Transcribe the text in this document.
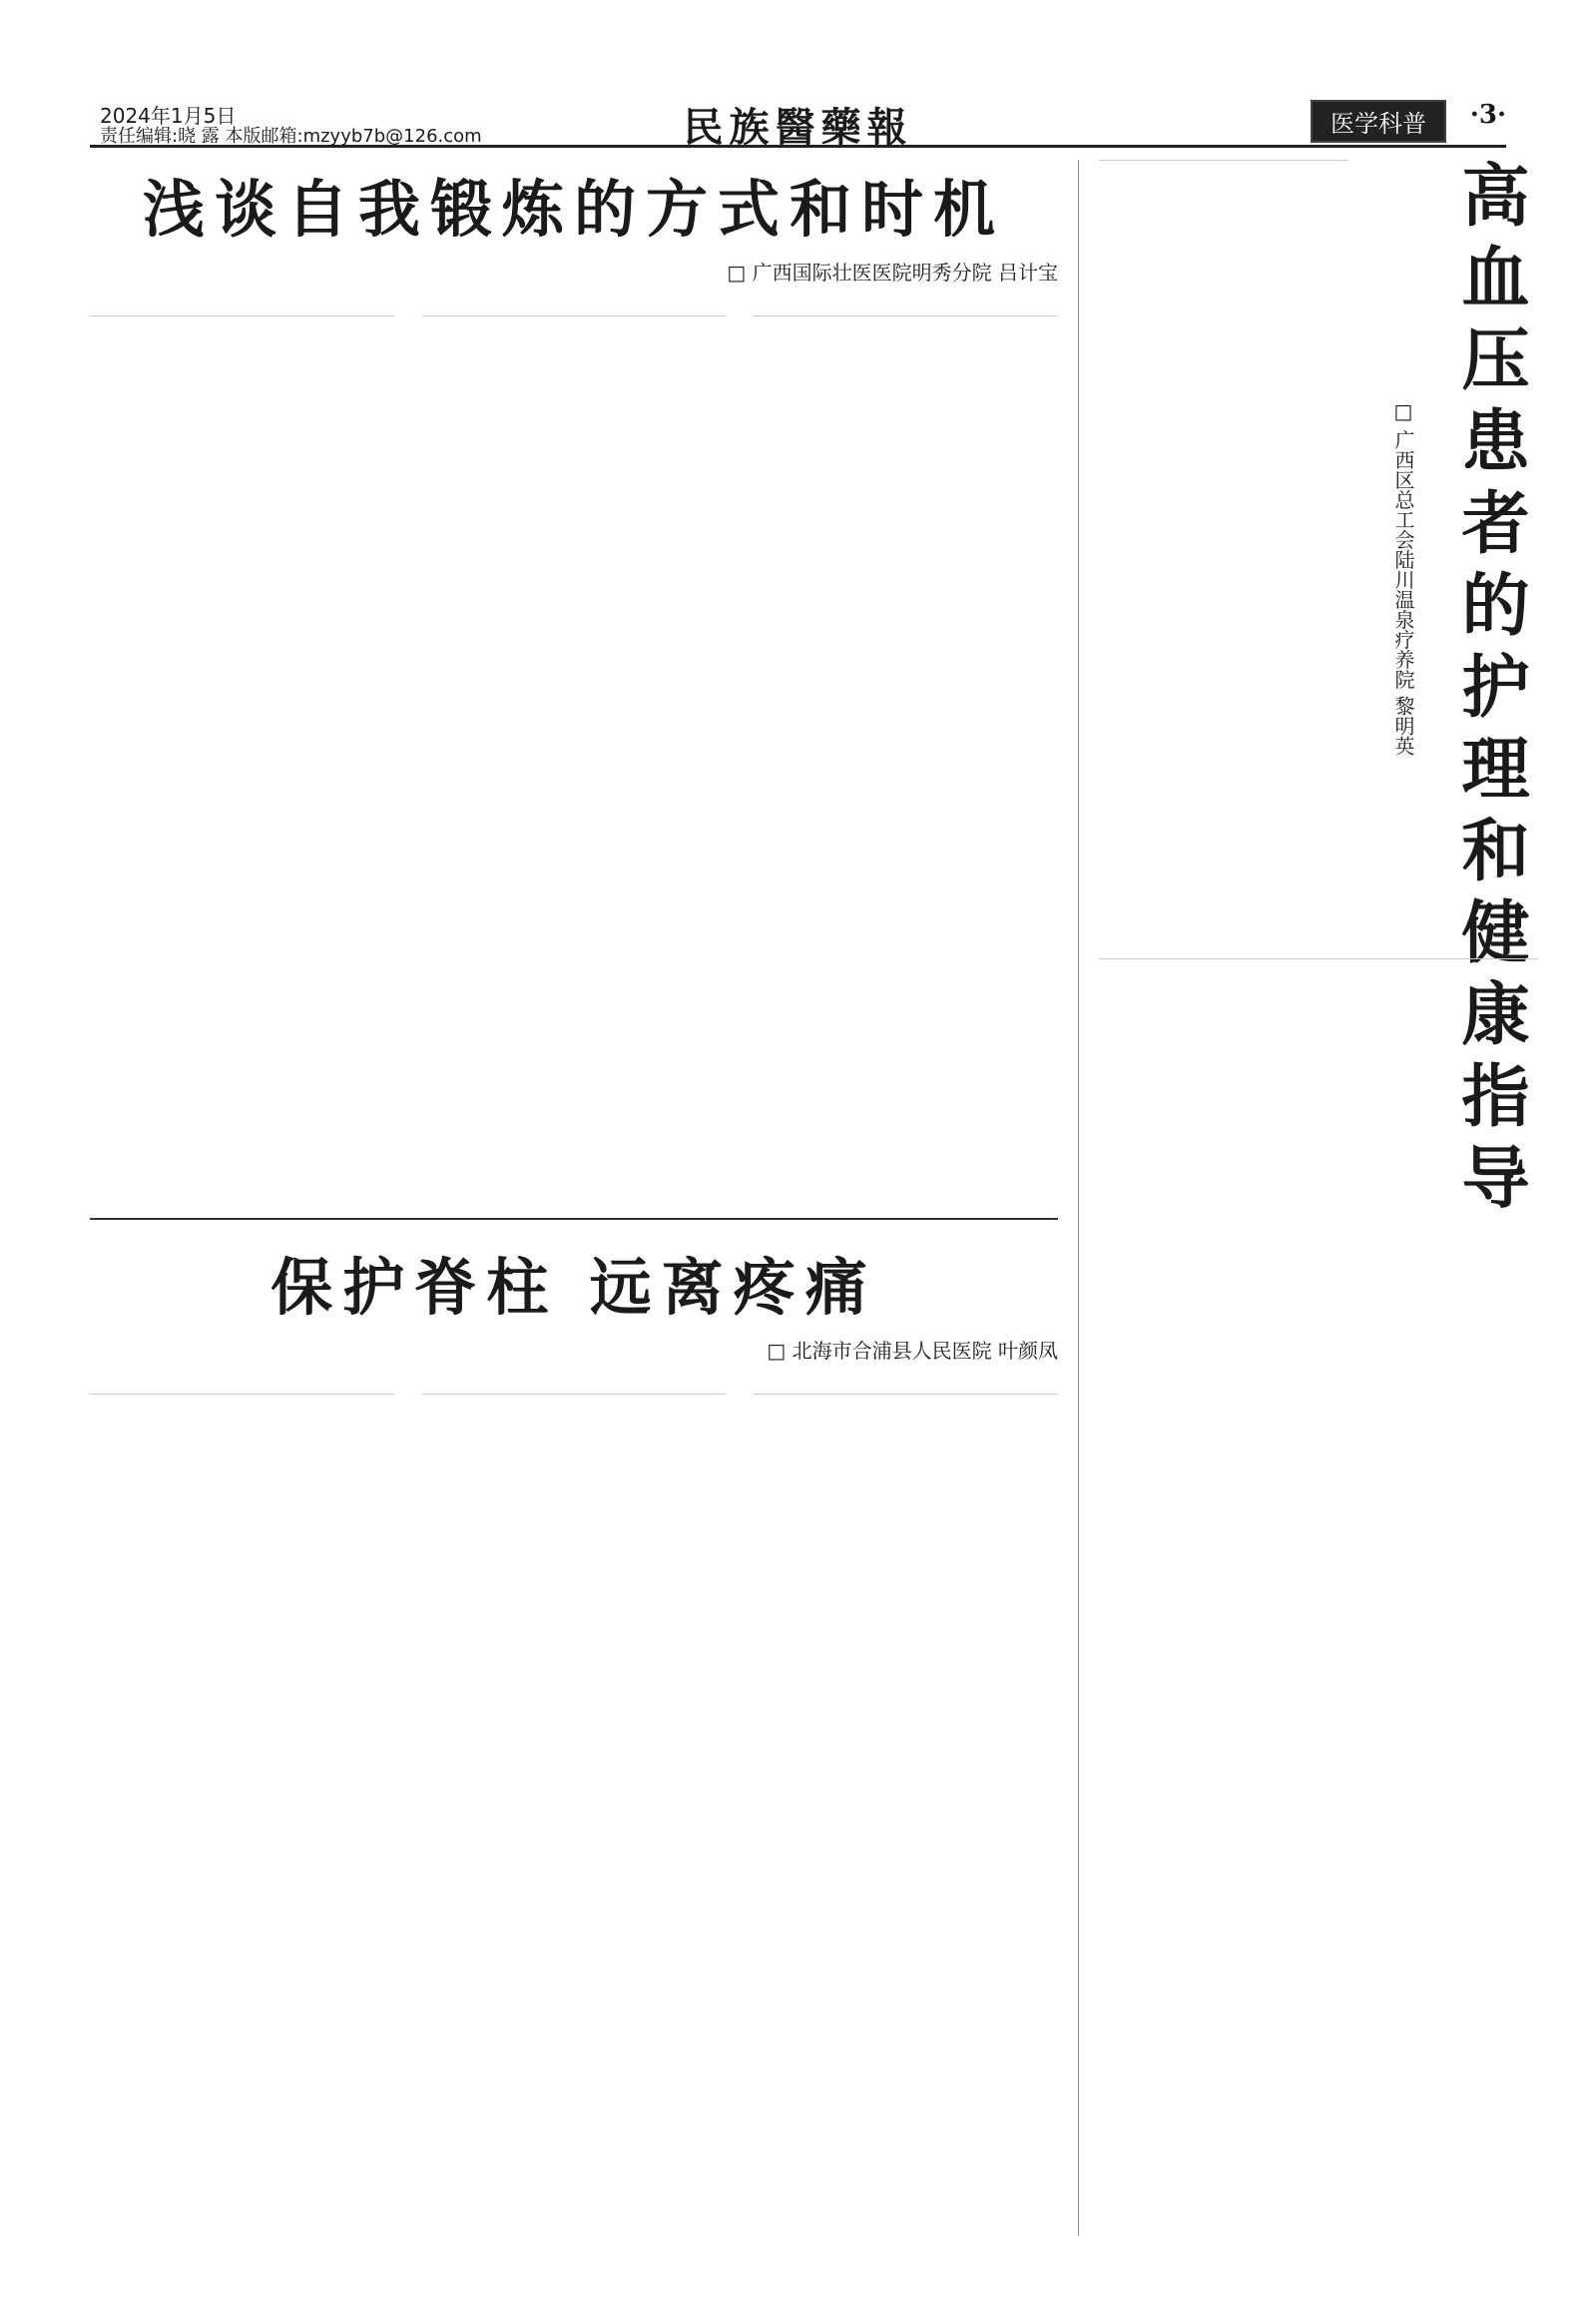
2024年1月5日
责任编辑:晓 露 本版邮箱:mzyyb7b@126.com	民族醫藥報	医学科普	·3·
浅谈自我锻炼的方式和时机
□ 广西国际壮医医院明秀分院 吕计宝
保护脊柱 远离疼痛
□ 北海市合浦县人民医院 叶颜凤
高血压患者的护理和健康指导
□ 广西区总工会陆川温泉疗养院 黎明英
